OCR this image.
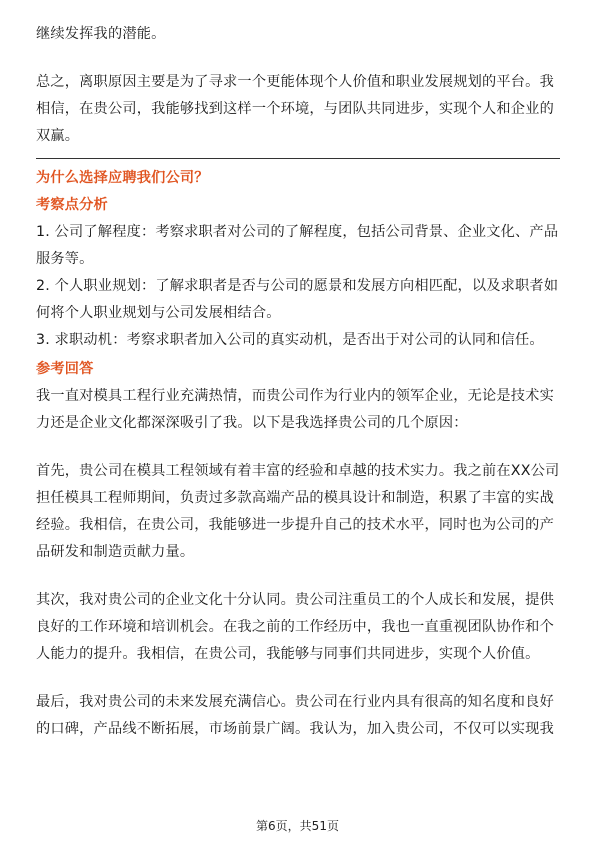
继续发挥我的潜能。

总之，离职原因主要是为了寻求一个更能体现个人价值和职业发展规划的平台。我相信，在贵公司，我能够找到这样一个环境，与团队共同进步，实现个人和企业的双赢。

为什么选择应聘我们公司？

考察点分析

1. 公司了解程度：考察求职者对公司的了解程度，包括公司背景、企业文化、产品服务等。

2. 个人职业规划：了解求职者是否与公司的愿景和发展方向相匹配，以及求职者如何将个人职业规划与公司发展相结合。

3. 求职动机：考察求职者加入公司的真实动机，是否出于对公司的认同和信任。

参考回答

我一直对模具工程行业充满热情，而贵公司作为行业内的领军企业，无论是技术实力还是企业文化都深深吸引了我。以下是我选择贵公司的几个原因：

首先，贵公司在模具工程领域有着丰富的经验和卓越的技术实力。我之前在XX公司担任模具工程师期间，负责过多款高端产品的模具设计和制造，积累了丰富的实战经验。我相信，在贵公司，我能够进一步提升自己的技术水平，同时也为公司的产品研发和制造贡献力量。

其次，我对贵公司的企业文化十分认同。贵公司注重员工的个人成长和发展，提供良好的工作环境和培训机会。在我之前的工作经历中，我也一直重视团队协作和个人能力的提升。我相信，在贵公司，我能够与同事们共同进步，实现个人价值。

最后，我对贵公司的未来发展充满信心。贵公司在行业内具有很高的知名度和良好的口碑，产品线不断拓展，市场前景广阔。我认为，加入贵公司，不仅可以实现我

第6页，共51页
